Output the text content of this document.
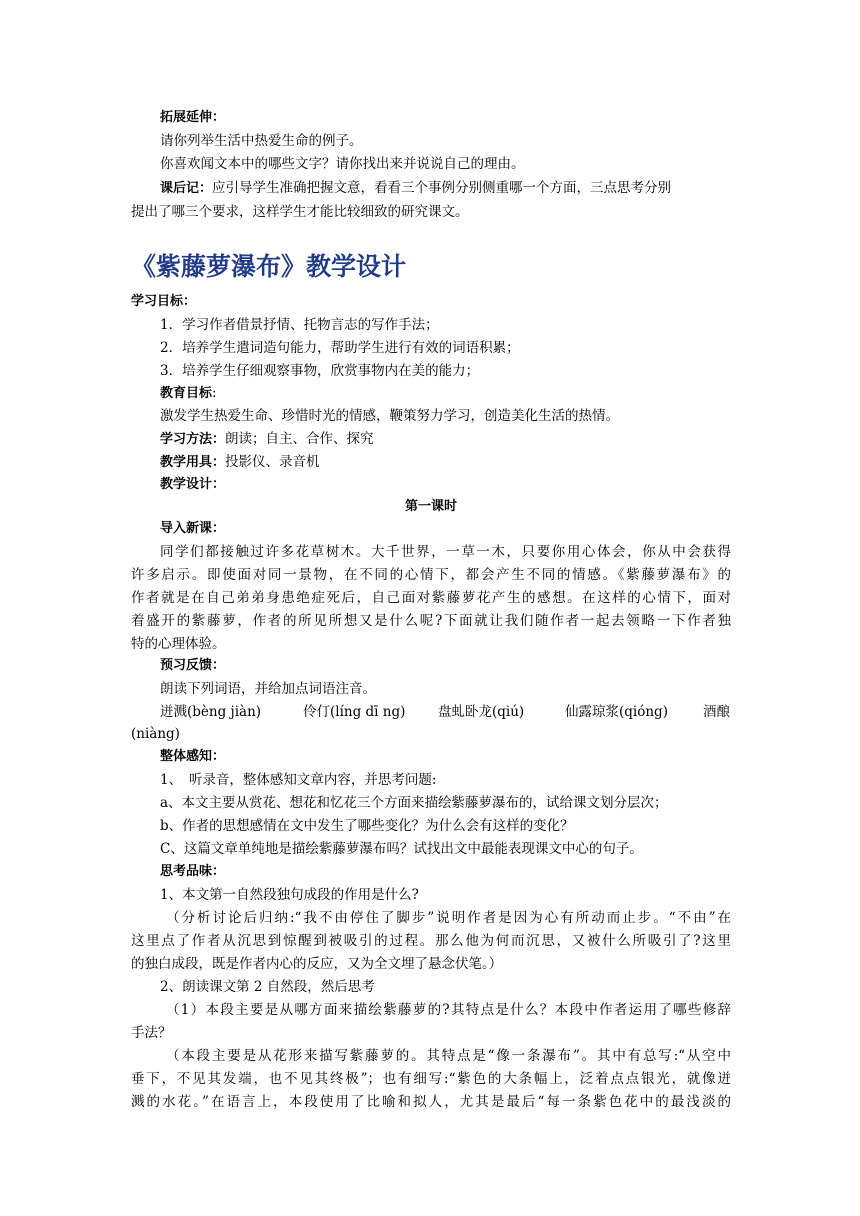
拓展延伸：
请你列举生活中热爱生命的例子。
你喜欢闻文本中的哪些文字？请你找出来并说说自己的理由。
课后记：应引导学生准确把握文意，看看三个事例分别侧重哪一个方面，三点思考分别
提出了哪三个要求，这样学生才能比较细致的研究课文。
《紫藤萝瀑布》教学设计
学习目标：
1．学习作者借景抒情、托物言志的写作手法；
2．培养学生遣词造句能力，帮助学生进行有效的词语积累；
3．培养学生仔细观察事物，欣赏事物内在美的能力；
教育目标:
激发学生热爱生命、珍惜时光的情感，鞭策努力学习，创造美化生活的热情。
学习方法：朗读；自主、合作、探究
教学用具：投影仪、录音机
教学设计：
第一课时
导入新课：
同学们都接触过许多花草树木。大千世界，一草一木，只要你用心体会，你从中会获得
许多启示。即使面对同一景物，在不同的心情下，都会产生不同的情感。《紫藤萝瀑布》的
作者就是在自己弟弟身患绝症死后，自己面对紫藤萝花产生的感想。在这样的心情下，面对
着盛开的紫藤萝，作者的所见所想又是什么呢?下面就让我们随作者一起去领略一下作者独
特的心理体验。
预习反馈：
朗读下列词语，并给加点词语注音。
迸溅(bèng jiàn)	伶仃(líng dī ng)	盘虬卧龙(qiú)	仙露琼浆(qióng)	酒酿
(niàng)
整体感知：
1、　听录音，整体感知文章内容，并思考问题:
a、本文主要从赏花、想花和忆花三个方面来描绘紫藤萝瀑布的，试给课文划分层次；
b、作者的思想感情在文中发生了哪些变化？为什么会有这样的变化？
C、这篇文章单纯地是描绘紫藤萝瀑布吗？试找出文中最能表现课文中心的句子。
思考品味：
1、本文第一自然段独句成段的作用是什么?
（分析讨论后归纳:“我不由停住了脚步”说明作者是因为心有所动而止步。“不由”在
这里点了作者从沉思到惊醒到被吸引的过程。那么他为何而沉思，又被什么所吸引了?这里
的独白成段，既是作者内心的反应，又为全文埋了悬念伏笔。）
2、朗读课文第 2 自然段，然后思考
（1）本段主要是从哪方面来描绘紫藤萝的?其特点是什么？本段中作者运用了哪些修辞
手法？
（本段主要是从花形来描写紫藤萝的。其特点是“像一条瀑布”。其中有总写:“从空中
垂下，不见其发端，也不见其终极”；也有细写:“紫色的大条幅上，泛着点点银光，就像迸
溅的水花。”在语言上，本段使用了比喻和拟人，尤其是最后“每一条紫色花中的最浅淡的
